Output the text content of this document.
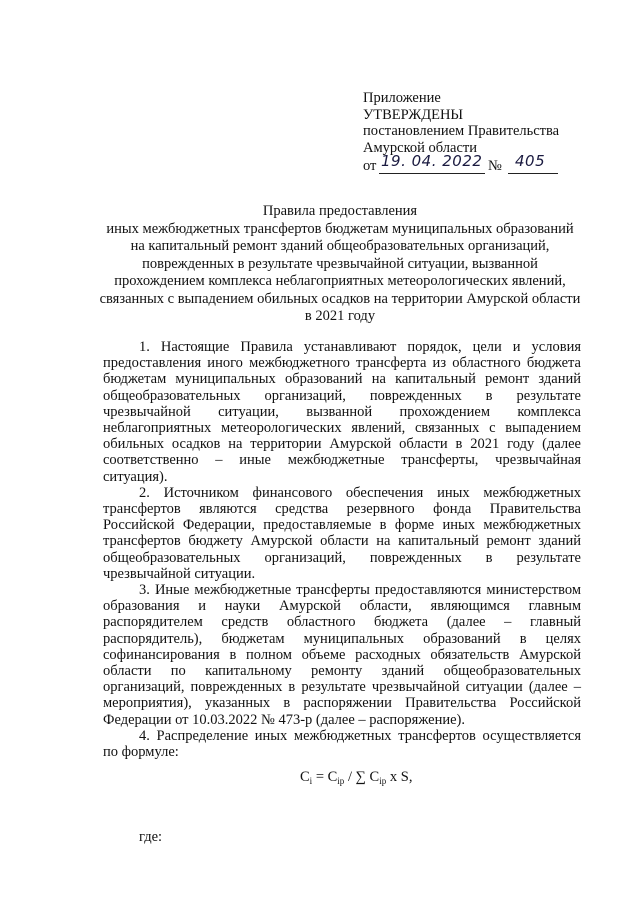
Приложение
УТВЕРЖДЕНЫ
постановлением Правительства
Амурской области
от 19. 04. 2022 № 405
Правила предоставления
иных межбюджетных трансфертов бюджетам муниципальных образований
на капитальный ремонт зданий общеобразовательных организаций,
поврежденных в результате чрезвычайной ситуации, вызванной
прохождением комплекса неблагоприятных метеорологических явлений,
связанных с выпадением обильных осадков на территории Амурской области
в 2021 году

1. Настоящие Правила устанавливают порядок, цели и условия предоставления иного межбюджетного трансферта из областного бюджета бюджетам муниципальных образований на капитальный ремонт зданий общеобразовательных организаций, поврежденных в результате чрезвычайной ситуации, вызванной прохождением комплекса неблагоприятных метеорологических явлений, связанных с выпадением обильных осадков на территории Амурской области в 2021 году (далее соответственно – иные межбюджетные трансферты, чрезвычайная ситуация).

2. Источником финансового обеспечения иных межбюджетных трансфертов являются средства резервного фонда Правительства Российской Федерации, предоставляемые в форме иных межбюджетных трансфертов бюджету Амурской области на капитальный ремонт зданий общеобразовательных организаций, поврежденных в результате чрезвычайной ситуации.

3. Иные межбюджетные трансферты предоставляются министерством образования и науки Амурской области, являющимся главным распорядителем средств областного бюджета (далее – главный распорядитель), бюджетам муниципальных образований в целях софинансирования в полном объеме расходных обязательств Амурской области по капитальному ремонту зданий общеобразовательных организаций, поврежденных в результате чрезвычайной ситуации (далее – мероприятия), указанных в распоряжении Правительства Российской Федерации от 10.03.2022 № 473-р (далее – распоряжение).

4. Распределение иных межбюджетных трансфертов осуществляется по формуле:

$C_i = C_{ip}$ / ∑ $C_{ip}$ x S,
где:
